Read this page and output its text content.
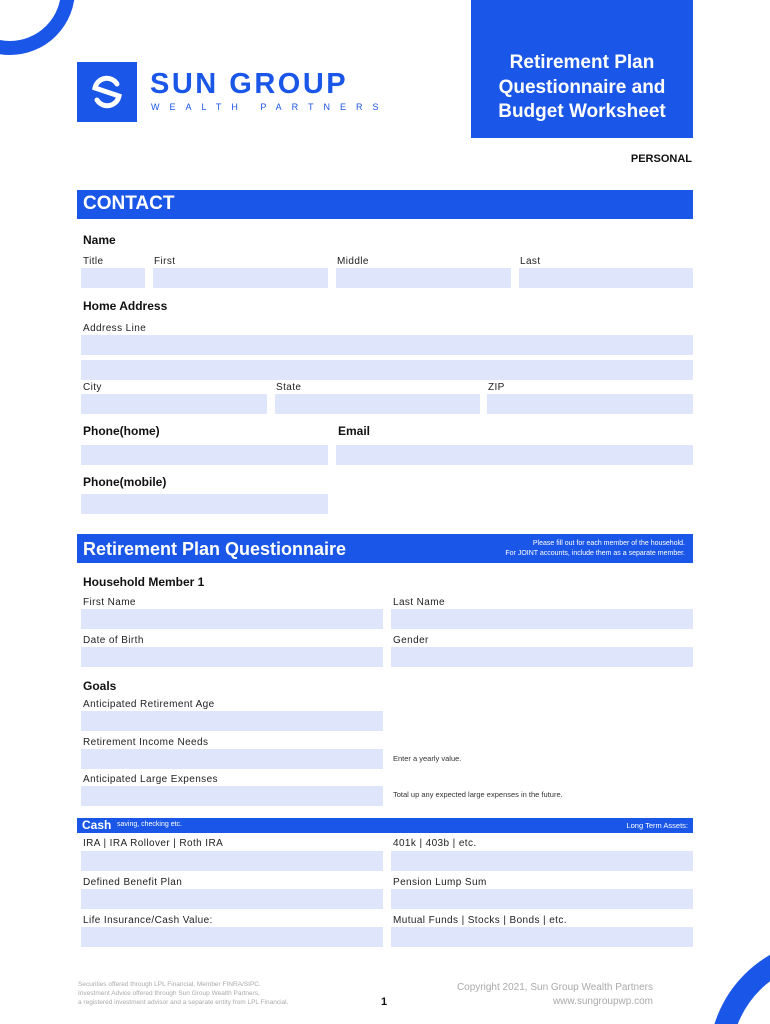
SUN GROUP
WEALTH PARTNERS
Retirement Plan
Questionnaire and
Budget Worksheet
PERSONAL
CONTACT
Name
Title	First	Middle	Last
Home Address
Address Line
City	State	ZIP
Phone(home)	Email
Phone(mobile)
Retirement Plan Questionnaire	Please fill out for each member of the household.
For JOINT accounts, include them as a separate member.
Household Member 1
First Name	Last Name
Date of Birth	Gender
Goals
Anticipated Retirement Age
Retirement Income Needs
Enter a yearly value.
Anticipated Large Expenses
Total up any expected large expenses in the future.
Cash saving, checking etc.	Long Term Assets:
IRA | IRA Rollover | Roth IRA	401k | 403b | etc.
Defined Benefit Plan	Pension Lump Sum
Life Insurance/Cash Value:	Mutual Funds | Stocks | Bonds | etc.
Securities offered through LPL Financial, Member FINRA/SIPC.
Investment Advice offered through Sun Group Wealth Partners,
a registered investment advisor and a separate entity from LPL Financial.	1
Copyright 2021, Sun Group Wealth Partners
www.sungroupwp.com
